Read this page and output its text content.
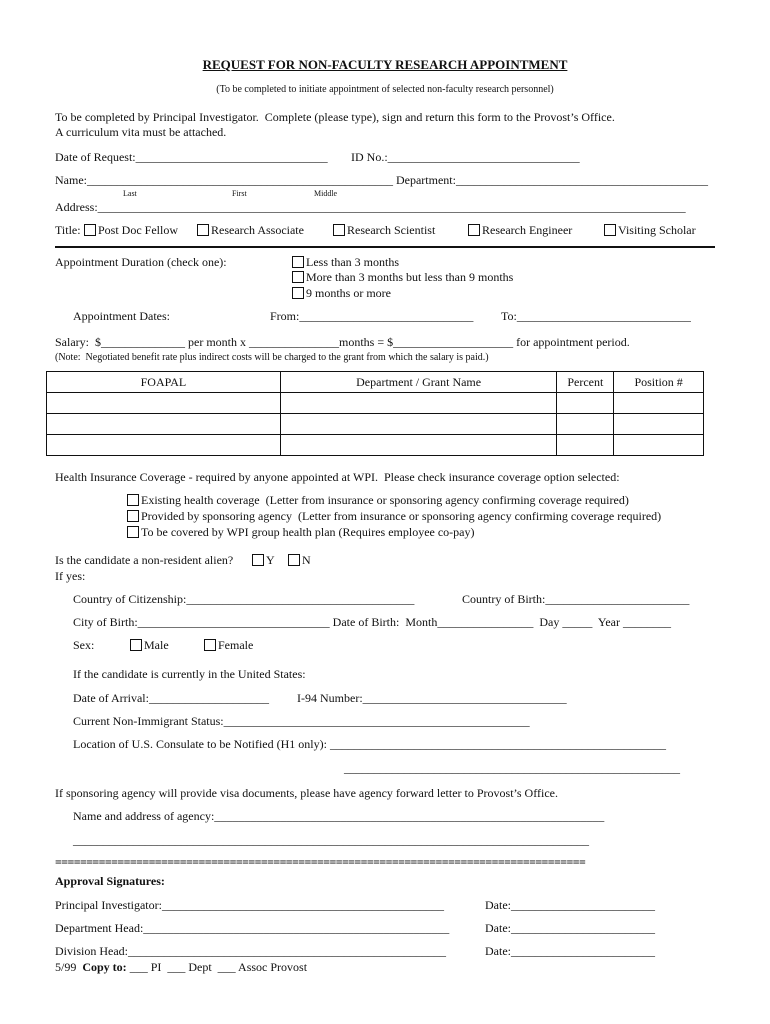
REQUEST FOR NON-FACULTY RESEARCH APPOINTMENT
(To be completed to initiate appointment of selected non-faculty research personnel)
To be completed by Principal Investigator.  Complete (please type), sign and return this form to the Provost’s Office.
A curriculum vita must be attached.
Date of Request:________________________________ ID No.:________________________________
Name:___________________________________________________ Department:__________________________________________
Last	First	Middle
Address:__________________________________________________________________________________________________
Title:	Post Doc Fellow	Research Associate	Research Scientist	Research Engineer	Visiting Scholar
Appointment Duration (check one):	Less than 3 months
More than 3 months but less than 9 months
9 months or more
Appointment Dates:	From:_____________________________ To:_____________________________
Salary:  $______________ per month x _______________months = $____________________ for appointment period.
(Note:  Negotiated benefit rate plus indirect costs will be charged to the grant from which the salary is paid.)
FOAPAL	Department / Grant Name	Percent	Position #

Health Insurance Coverage - required by anyone appointed at WPI.  Please check insurance coverage option selected:
Existing health coverage  (Letter from insurance or sponsoring agency confirming coverage required)
Provided by sponsoring agency  (Letter from insurance or sponsoring agency confirming coverage required)
To be covered by WPI group health plan (Requires employee co-pay)
Is the candidate a non-resident alien?	Y	N
If yes:
Country of Citizenship:______________________________________	Country of Birth:________________________
City of Birth:________________________________ Date of Birth:  Month________________  Day _____  Year ________
Sex:	Male	Female
If the candidate is currently in the United States:
Date of Arrival:____________________ I-94 Number:__________________________________
Current Non-Immigrant Status:___________________________________________________
Location of U.S. Consulate to be Notified (H1 only): ________________________________________________________
________________________________________________________
If sponsoring agency will provide visa documents, please have agency forward letter to Provost’s Office.
Name and address of agency:_________________________________________________________________
______________________________________________________________________________________
=====================================================================================
Approval Signatures:
Principal Investigator:_______________________________________________	Date:________________________
Department Head:___________________________________________________	Date:________________________
Division Head:_____________________________________________________	Date:________________________
5/99 Copy to: ___ PI  ___ Dept  ___ Assoc Provost
